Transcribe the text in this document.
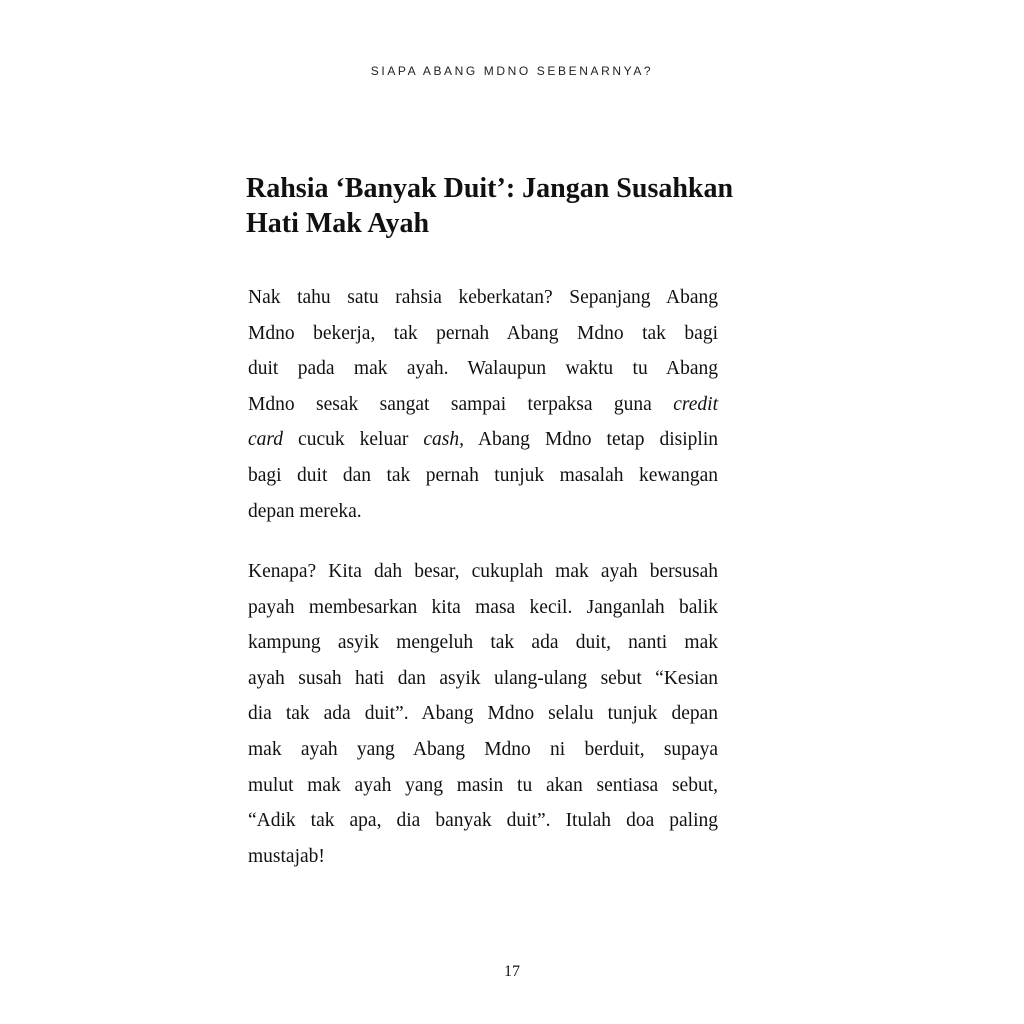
SIAPA ABANG MDNO SEBENARNYA?
Rahsia ‘Banyak Duit’: Jangan Susahkan
Hati Mak Ayah
Nak tahu satu rahsia keberkatan? Sepanjang Abang
Mdno bekerja, tak pernah Abang Mdno tak bagi
duit pada mak ayah. Walaupun waktu tu Abang
Mdno sesak sangat sampai terpaksa guna credit
card cucuk keluar cash, Abang Mdno tetap disiplin
bagi duit dan tak pernah tunjuk masalah kewangan
depan mereka.
Kenapa? Kita dah besar, cukuplah mak ayah bersusah
payah membesarkan kita masa kecil. Janganlah balik
kampung asyik mengeluh tak ada duit, nanti mak
ayah susah hati dan asyik ulang-ulang sebut “Kesian
dia tak ada duit”. Abang Mdno selalu tunjuk depan
mak ayah yang Abang Mdno ni berduit, supaya
mulut mak ayah yang masin tu akan sentiasa sebut,
“Adik tak apa, dia banyak duit”. Itulah doa paling
mustajab!
17
